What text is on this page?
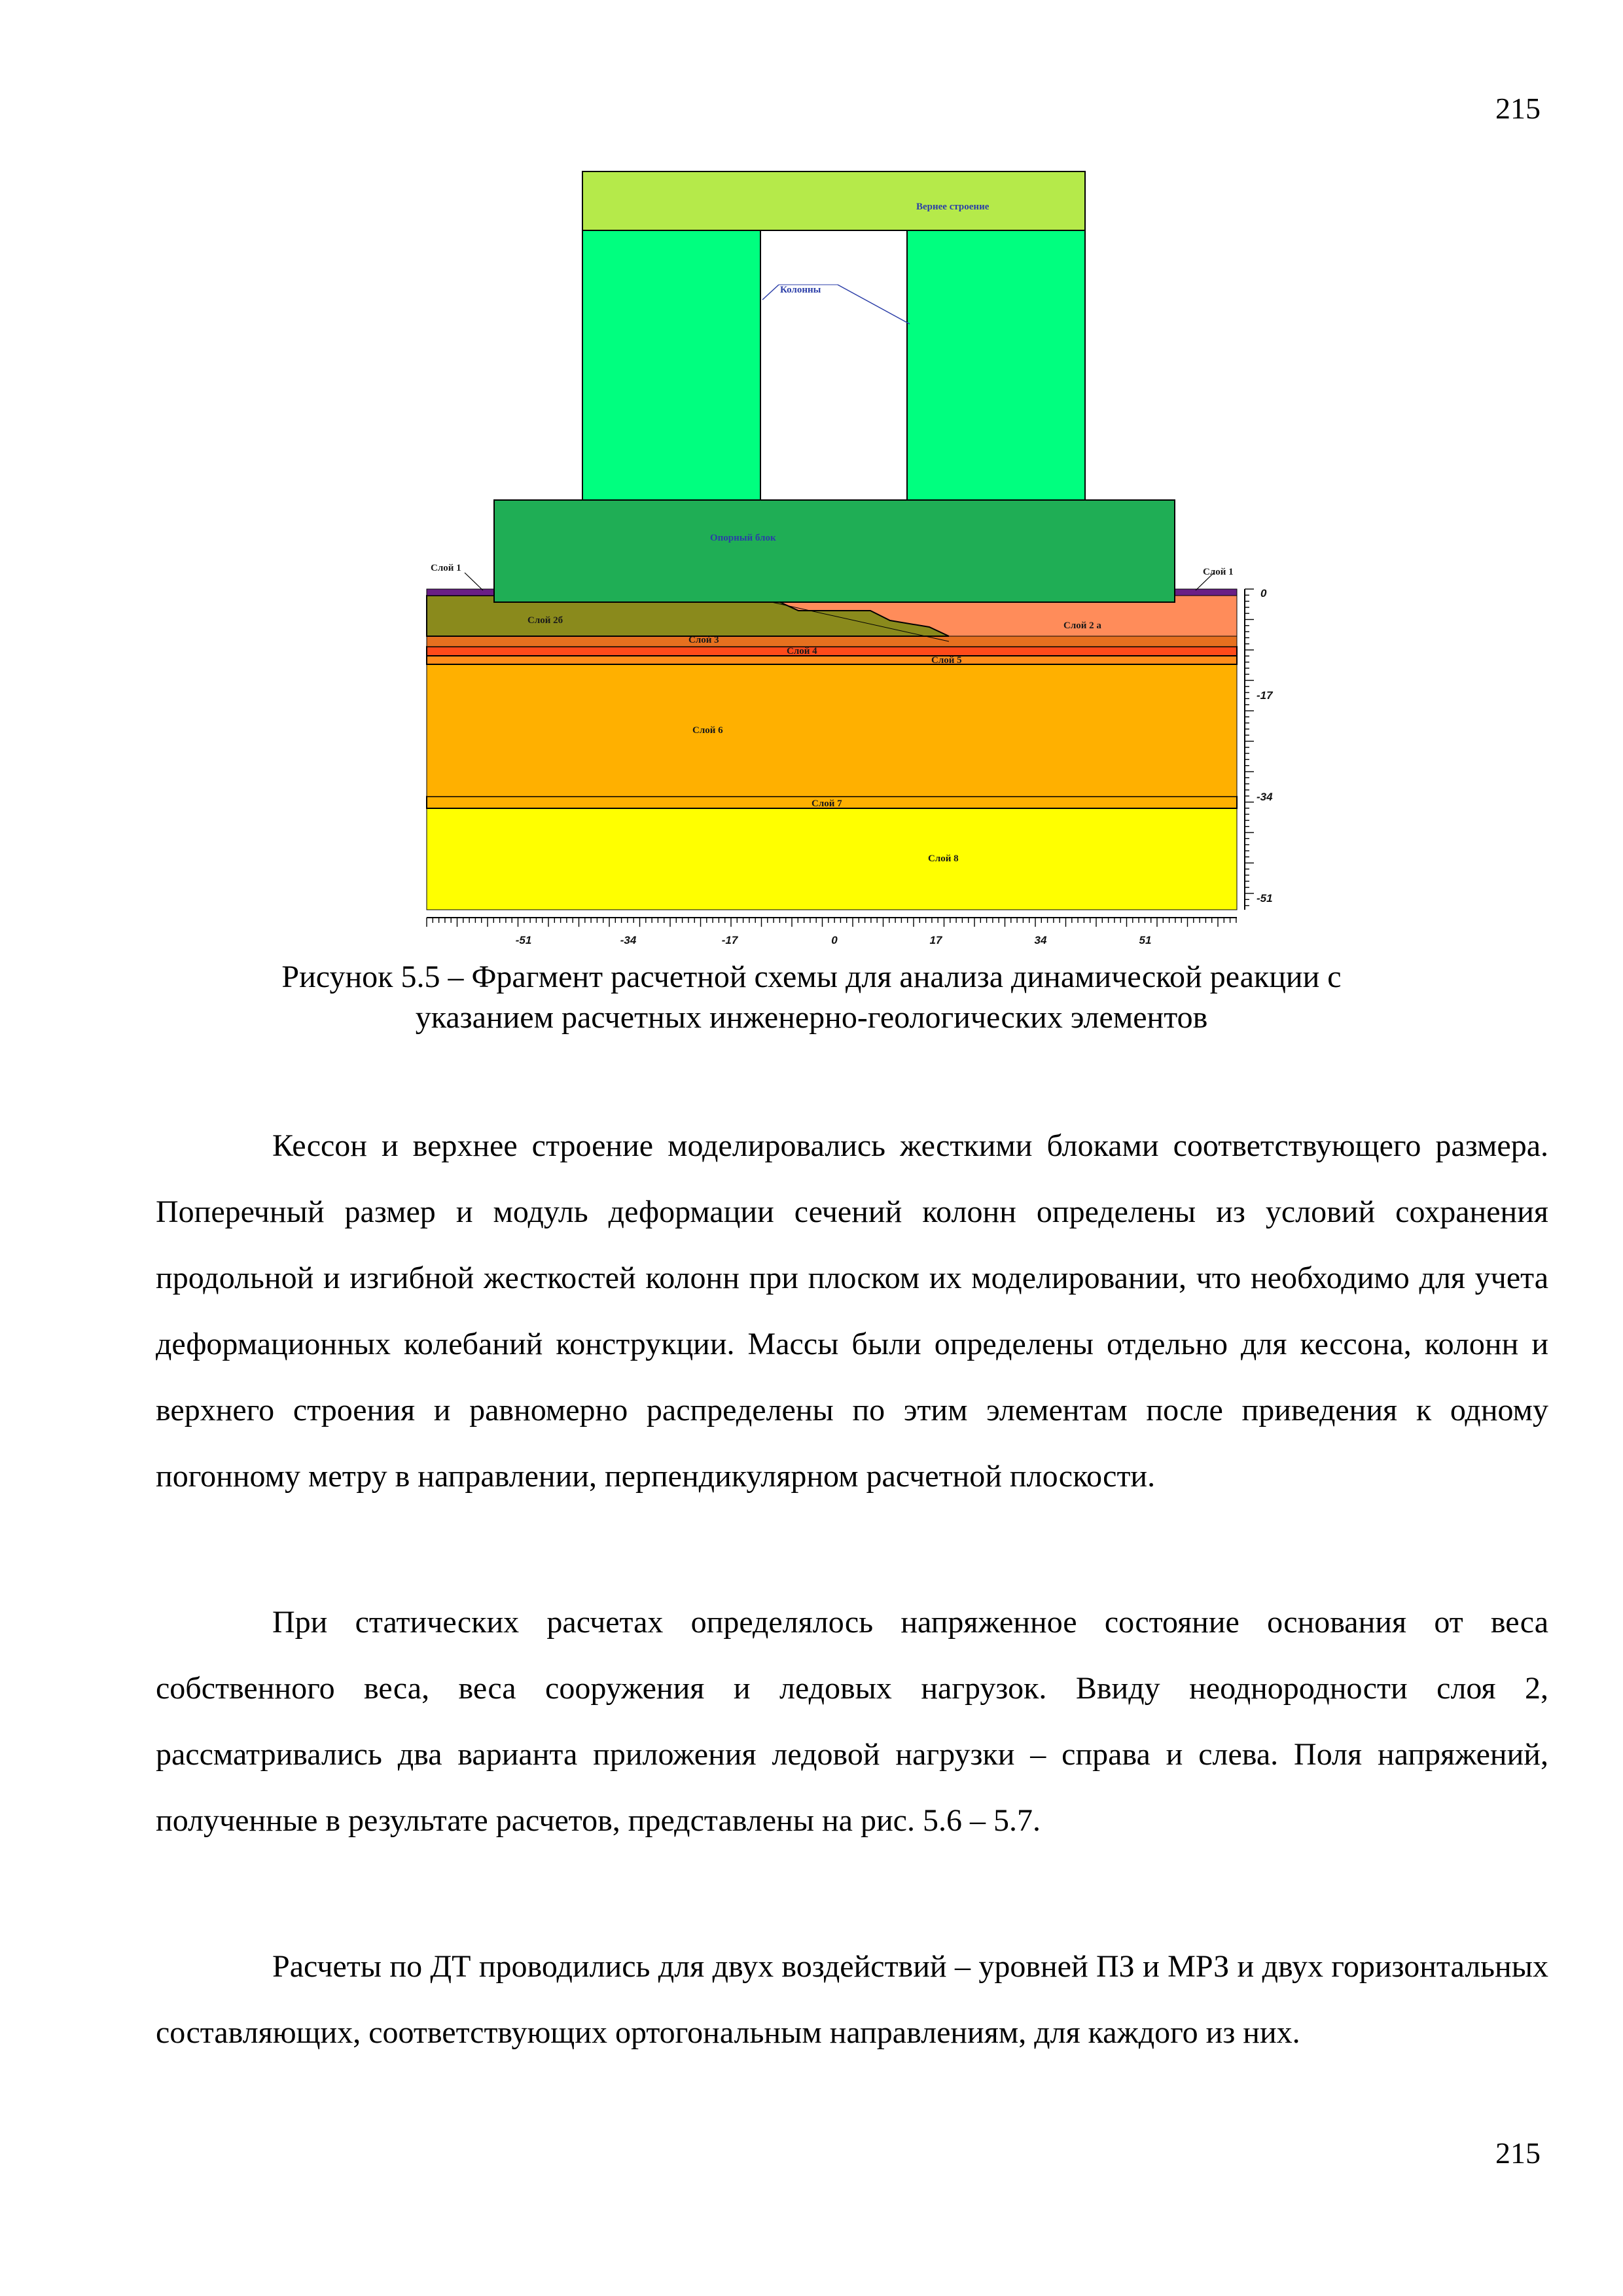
215
Вернее строение
Колонны
Опорный блок
Слой 1	Слой 1
Слой 2б	Слой 2 а
Слой 3
Слой 4
Слой 5
Слой 6
Слой 7
Слой 8
-51	-34	-17	0	17	34	51
0
-17
-34
-51
Рисунок 5.5 – Фрагмент расчетной схемы для анализа динамической реакции с
указанием расчетных инженерно-геологических элементов

Кессон и верхнее строение моделировались жесткими блоками соответствующего размера. Поперечный размер и модуль деформации сечений колонн определены из условий сохранения продольной и изгибной жесткостей колонн при плоском их моделировании, что необходимо для учета деформационных колебаний конструкции. Массы были определены отдельно для кессона, колонн и верхнего строения и равномерно распределены по этим элементам после приведения к одному погонному метру в направлении, перпендикулярном расчетной плоскости.

При статических расчетах определялось напряженное состояние основания от веса собственного веса, веса сооружения и ледовых нагрузок. Ввиду неоднородности слоя 2, рассматривались два варианта приложения ледовой нагрузки – справа и слева. Поля напряжений, полученные в результате расчетов, представлены на рис. 5.6 – 5.7.

Расчеты по ДТ проводились для двух воздействий – уровней ПЗ и МРЗ и двух горизонтальных составляющих, соответствующих ортогональным направлениям, для каждого из них.

215
